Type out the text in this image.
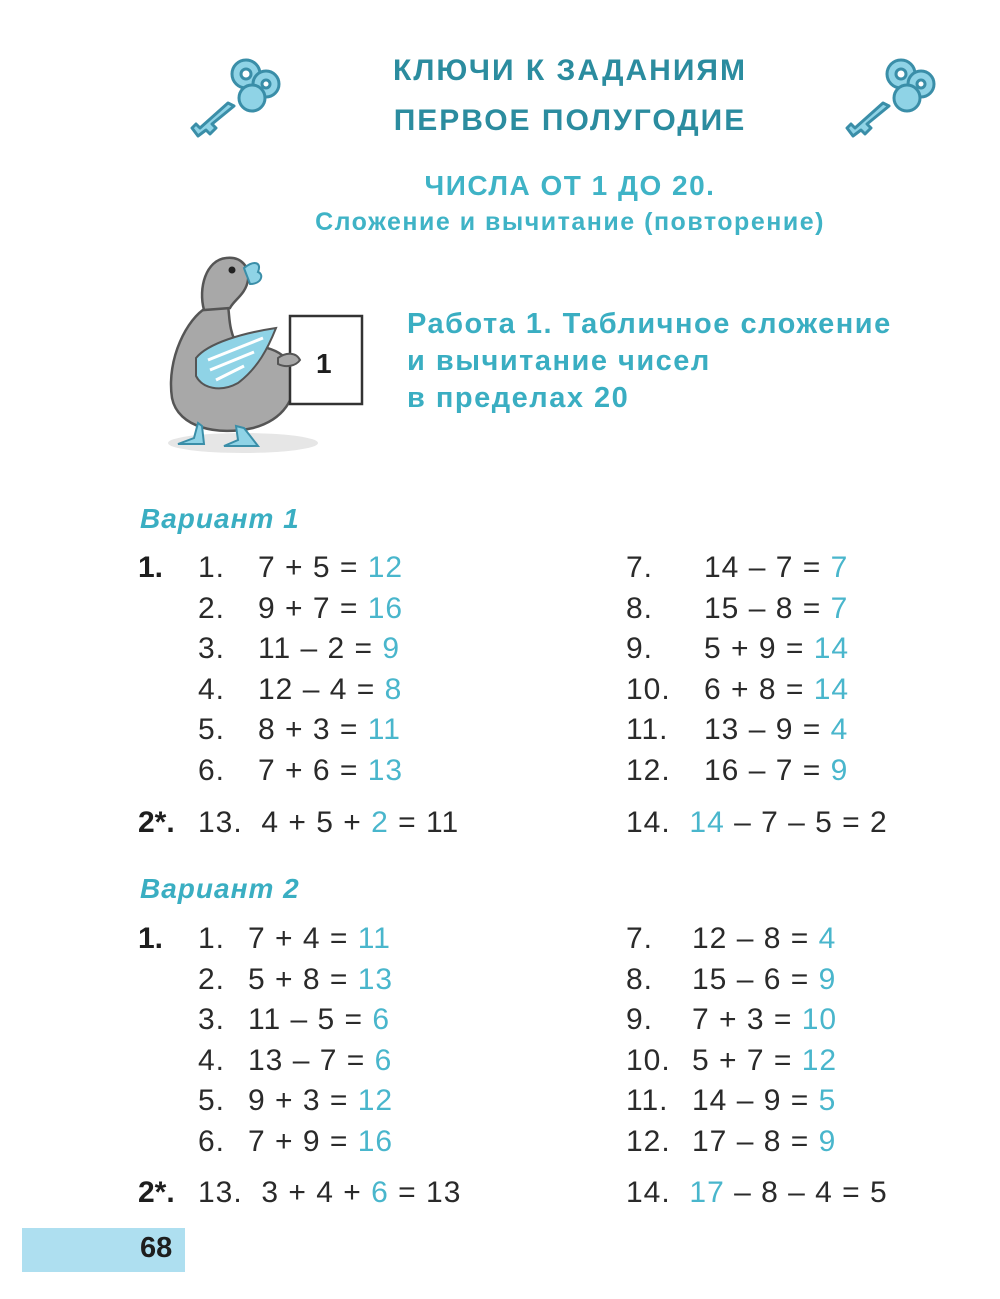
КЛЮЧИ К ЗАДАНИЯМ
ПЕРВОЕ ПОЛУГОДИЕ
ЧИСЛА ОТ 1 ДО 20.
Сложение и вычитание (повторение)
1
Работа 1. Табличное сложение
и вычитание чисел
в пределах 20
Вариант 1
1. 1. 7 + 5 = 12
2. 9 + 7 = 16
3. 11 – 2 = 9
4. 12 – 4 = 8
5. 8 + 3 = 11
6. 7 + 6 = 13
7. 14 – 7 = 7
8. 15 – 8 = 7
9. 5 + 9 = 14
10. 6 + 8 = 14
11. 13 – 9 = 4
12. 16 – 7 = 9
2*. 13. 4 + 5 + 2 = 11	14. 14 – 7 – 5 = 2
Вариант 2
1. 1. 7 + 4 = 11
2. 5 + 8 = 13
3. 11 – 5 = 6
4. 13 – 7 = 6
5. 9 + 3 = 12
6. 7 + 9 = 16
7. 12 – 8 = 4
8. 15 – 6 = 9
9. 7 + 3 = 10
10. 5 + 7 = 12
11. 14 – 9 = 5
12. 17 – 8 = 9
2*. 13. 3 + 4 + 6 = 13	14. 17 – 8 – 4 = 5
68
